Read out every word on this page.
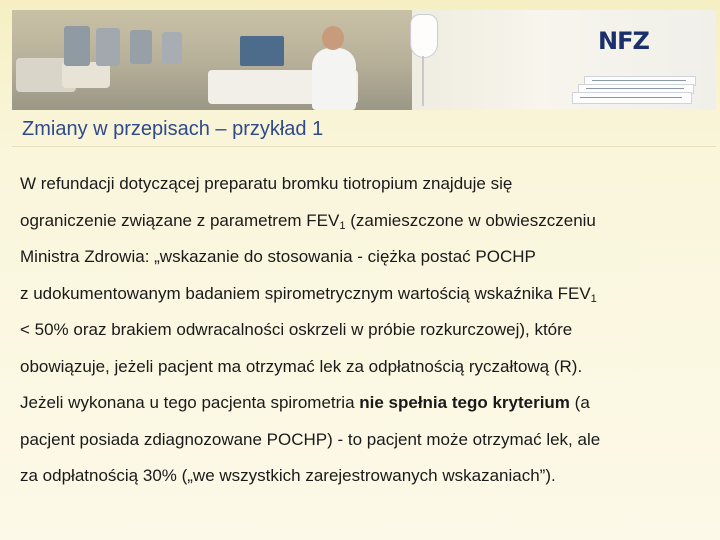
NFZ
Zmiany w przepisach – przykład 1

W refundacji dotyczącej preparatu bromku tiotropium znajduje się
ograniczenie związane z parametrem $FEV_1$ (zamieszczone w obwieszczeniu
Ministra Zdrowia: „wskazanie do stosowania - ciężka postać POCHP
z udokumentowanym badaniem spirometrycznym wartością wskaźnika $FEV_1$
< 50% oraz brakiem odwracalności oskrzeli w próbie rozkurczowej), które
obowiązuje, jeżeli pacjent ma otrzymać lek za odpłatnością ryczałtową (R).

Jeżeli wykonana u tego pacjenta spirometria nie spełnia tego kryterium (a
pacjent posiada zdiagnozowane POCHP) - to pacjent może otrzymać lek, ale
za odpłatnością 30% („we wszystkich zarejestrowanych wskazaniach”).
